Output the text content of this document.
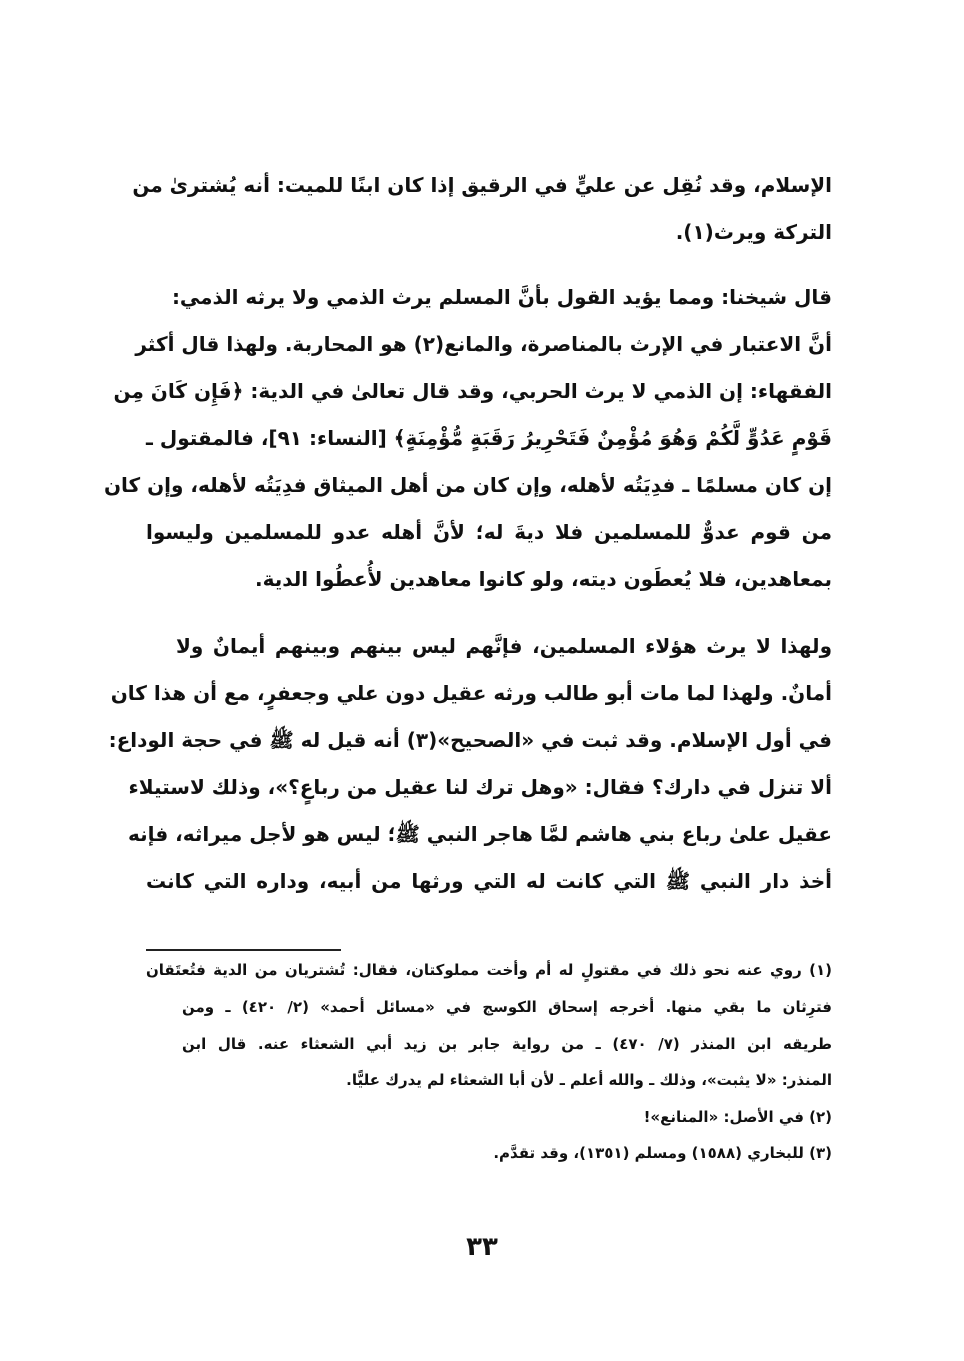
الإسلام، وقد نُقِل عن عليٍّ في الرقيق إذا كان ابنًا للميت: أنه يُشترىٰ من
التركة ويرث(١).
قال شيخنا: ومما يؤيد القول بأنَّ المسلم يرث الذمي ولا يرثه الذمي:
أنَّ الاعتبار في الإرث بالمناصرة، والمانع(٢) هو المحاربة. ولهذا قال أكثر
الفقهاء: إن الذمي لا يرث الحربي، وقد قال تعالىٰ في الدية: ﴿فَإِن كَانَ مِن
قَوْمٍ عَدُوٍّ لَّكُمْ وَهُوَ مُؤْمِنٌ فَتَحْرِيرُ رَقَبَةٍ مُّؤْمِنَةٍ﴾ [النساء: ٩١]، فالمقتول ـ
إن كان مسلمًا ـ فدِيَتُه لأهله، وإن كان من أهل الميثاق فدِيَتُه لأهله، وإن كان
من قوم عدوٌّ للمسلمين فلا ديةَ له؛ لأنَّ أهله عدو للمسلمين وليسوا
بمعاهدين، فلا يُعطَون ديته، ولو كانوا معاهدين لأُعطُوا الدية.
ولهذا لا يرث هؤلاء المسلمين، فإنَّهم ليس بينهم وبينهم أيمانٌ ولا
أمانٌ. ولهذا لما مات أبو طالب ورثه عقيل دون علي وجعفرٍ، مع أن هذا كان
في أول الإسلام. وقد ثبت في «الصحيح»(٣) أنه قيل له ﷺ في حجة الوداع:
ألا تنزل في دارك؟ فقال: «وهل ترك لنا عقيل من رباعٍ؟»، وذلك لاستيلاء
عقيل علىٰ رباع بني هاشم لمَّا هاجر النبي ﷺ؛ ليس هو لأجل ميراثه، فإنه
أخذ دار النبي ﷺ التي كانت له التي ورثها من أبيه، وداره التي كانت
(١) روي عنه نحو ذلك في مقتولٍ له أم وأخت مملوكتان، فقال: تُشتريان من الدية فتُعتَقان
فترِثان ما بقي منها. أخرجه إسحاق الكوسج في «مسائل أحمد» (٢/ ٤٢٠) ـ ومن
طريقه ابن المنذر (٧/ ٤٧٠) ـ من رواية جابر بن زيد أبي الشعثاء عنه. قال ابن
المنذر: «لا يثبت»، وذلك ـ والله أعلم ـ لأن أبا الشعثاء لم يدرك عليًّا.
(٢) في الأصل: «المنانع»!
(٣) للبخاري (١٥٨٨) ومسلم (١٣٥١)، وقد تقدَّم.
٣٣
